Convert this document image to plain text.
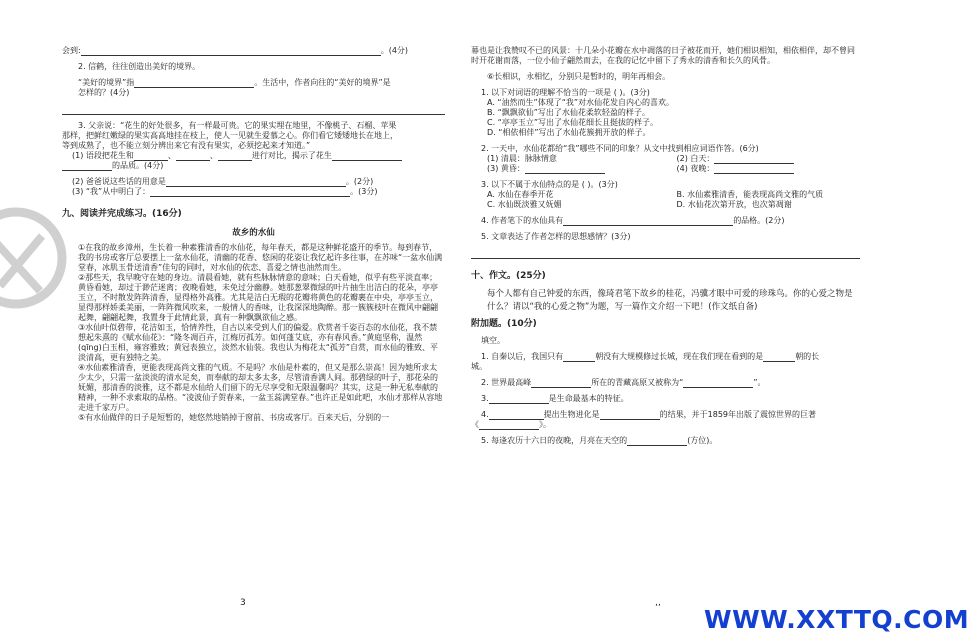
会到:	。(4分)

2. 信鹤，往往创造出美好的境界。

“美好的境界”指	。生活中，作者向往的“美好的境界”是

怎样的？(4分)

3. 父亲说：“花生的好处很多，有一样最可贵。它的果实埋在地里，不像桃子、石榴、苹果

那样，把鲜红嫩绿的果实高高地挂在枝上，使人一见就生爱慕之心。你们看它矮矮地长在地上，

等到成熟了，也不能立刻分辨出来它有没有果实，必须挖起来才知道。”

(1) 语段把花生和	、	、	进行对比，揭示了花生

的品质。(4分)

(2) 爸爸说这些话的用意是	。(2分)

(3) “我”从中明白了：	。(3分)

九、阅读并完成练习。(16分)

故乡的水仙

①在我的故乡漳州，生长着一种素雅清香的水仙花，每年春天，都是这种鲜花盛开的季节。每到春节，我的书房或客厅总要摆上一盆水仙花，清幽的花香、悠闲的花姿让我忆起许多往事，在苏味“一盆水仙满堂春，冰肌玉骨送清香”佳句的同时，对水仙的依恋、喜爱之情也油然而生。

②那些天，我早晚守在她的身边。清晨看她，就有些脉脉情意的意味；白天看她，似乎有些平淡直率；黄昏看她，却过于渺茫迷离；夜晚看她，未免过分幽静。她那葱翠微绿的叶片抽生出洁白的花朵，亭亭玉立，不时散发阵阵清香，显得格外高雅。尤其是洁白无瑕的花瓣将黄色的花瓣裹在中央，亭亭玉立，显得那样娇柔美丽，一阵阵微风吹来，一般情人的香味，让我深深地陶醉。那一簇簇枝叶在微风中翩翩起舞，翩翩起舞，我置身于此情此景，真有一种飘飘欲仙之感。

③水仙叶似碧带，花洁如玉，恰情养性，自古以来受到人们的偏爱。欣赏者千姿百态的水仙花，我不禁想起朱熹的《赋水仙花》：“隆冬凋百卉，江梅厉孤芳。如何蓬艾底，亦有春风香。”黄庭坚称，温然(qīng)白玉相，雍容雅致；黄冠表独立，淡然水仙装。我也认为梅花太“孤芳”自赏，而水仙的雅致、平淡清高，更有独特之美。

④水仙素雅清香，更能表现高尚文雅的气质。不是吗？水仙是朴素的，但又是那么崇高！因为她所求太少太少，只需一盆淡淡的清水足矣，而奉献的却太多太多，尽管清香满人间。那碧绿的叶子，那花朵的妩媚，那清香的淡雅，这不都是水仙给人们留下的无尽享受和无限温馨吗？其实，这是一种无私奉献的精神，一种不求索取的品格。“凌波仙子贺春来，一盆玉蕊满堂春。”也许正是如此吧，水仙才那样从容地走进千家万户。

⑤有水仙做伴的日子是短暂的，她悠然地销掉于窗前、书房或客厅。百来天后，分别的一

3

幕也是让我赞叹不已的风景：十几朵小花瓣在水中凋落的日子被花而开，她们相识相知，相依相伴，却不曾同时开花谢而落，一位小仙子翩然而去，在我的记忆中留下了秀永的清香和长久的风骨。

⑥长相识，永相忆，分别只是暂时的，明年再相会。

1. 以下对词语的理解不恰当的一项是 ( )。(3分)

A. “油然而生”体现了“我”对水仙花发自内心的喜欢。

B. “飘飘欲仙”写出了水仙花柔软轻盈的样子。

C. “亭亭玉立”写出了水仙花细长且挺拔的样子。

D. “相依相伴”写出了水仙花簇拥开放的样子。

2. 一天中，水仙花都给“我”哪些不同的印象？从文中找到相应词语作答。(6分)

(1) 清晨：脉脉情意	(2) 白天：

(3) 黄昏：	(4) 夜晚：

3. 以下不属于水仙特点的是 ( )。(3分)

A. 水仙在春季开花	B. 水仙素雅清香，能表现高尚文雅的气质

C. 水仙既淡雅又妩媚	D. 水仙花次第开放，也次第凋谢

4. 作者笔下的水仙具有	的品格。(2分)

5. 文章表达了作者怎样的思想感情？(3分)

十、作文。(25分)

每个人都有自己钟爱的东西，像琦君笔下故乡的桂花，冯骥才眼中可爱的珍珠鸟。你的心爱之物是什么？请以“我的心爱之物”为题，写一篇作文介绍一下吧！(作文纸自备)

附加题。(10分)

填空。

1. 自秦以后，我国只有	朝没有大规模修过长城，现在我们现在看到的是	朝的长

城。

2. 世界最高峰	所在的青藏高原又被称为“	”。

3.	是生命最基本的特征。

4.	提出生物进化是	的结果，并于1859年出版了震惊世界的巨著

《	》。

5. 每逢农历十六日的夜晚，月亮在天空的	(方位)。

‚‚
WWW.XXTTQ.COM
